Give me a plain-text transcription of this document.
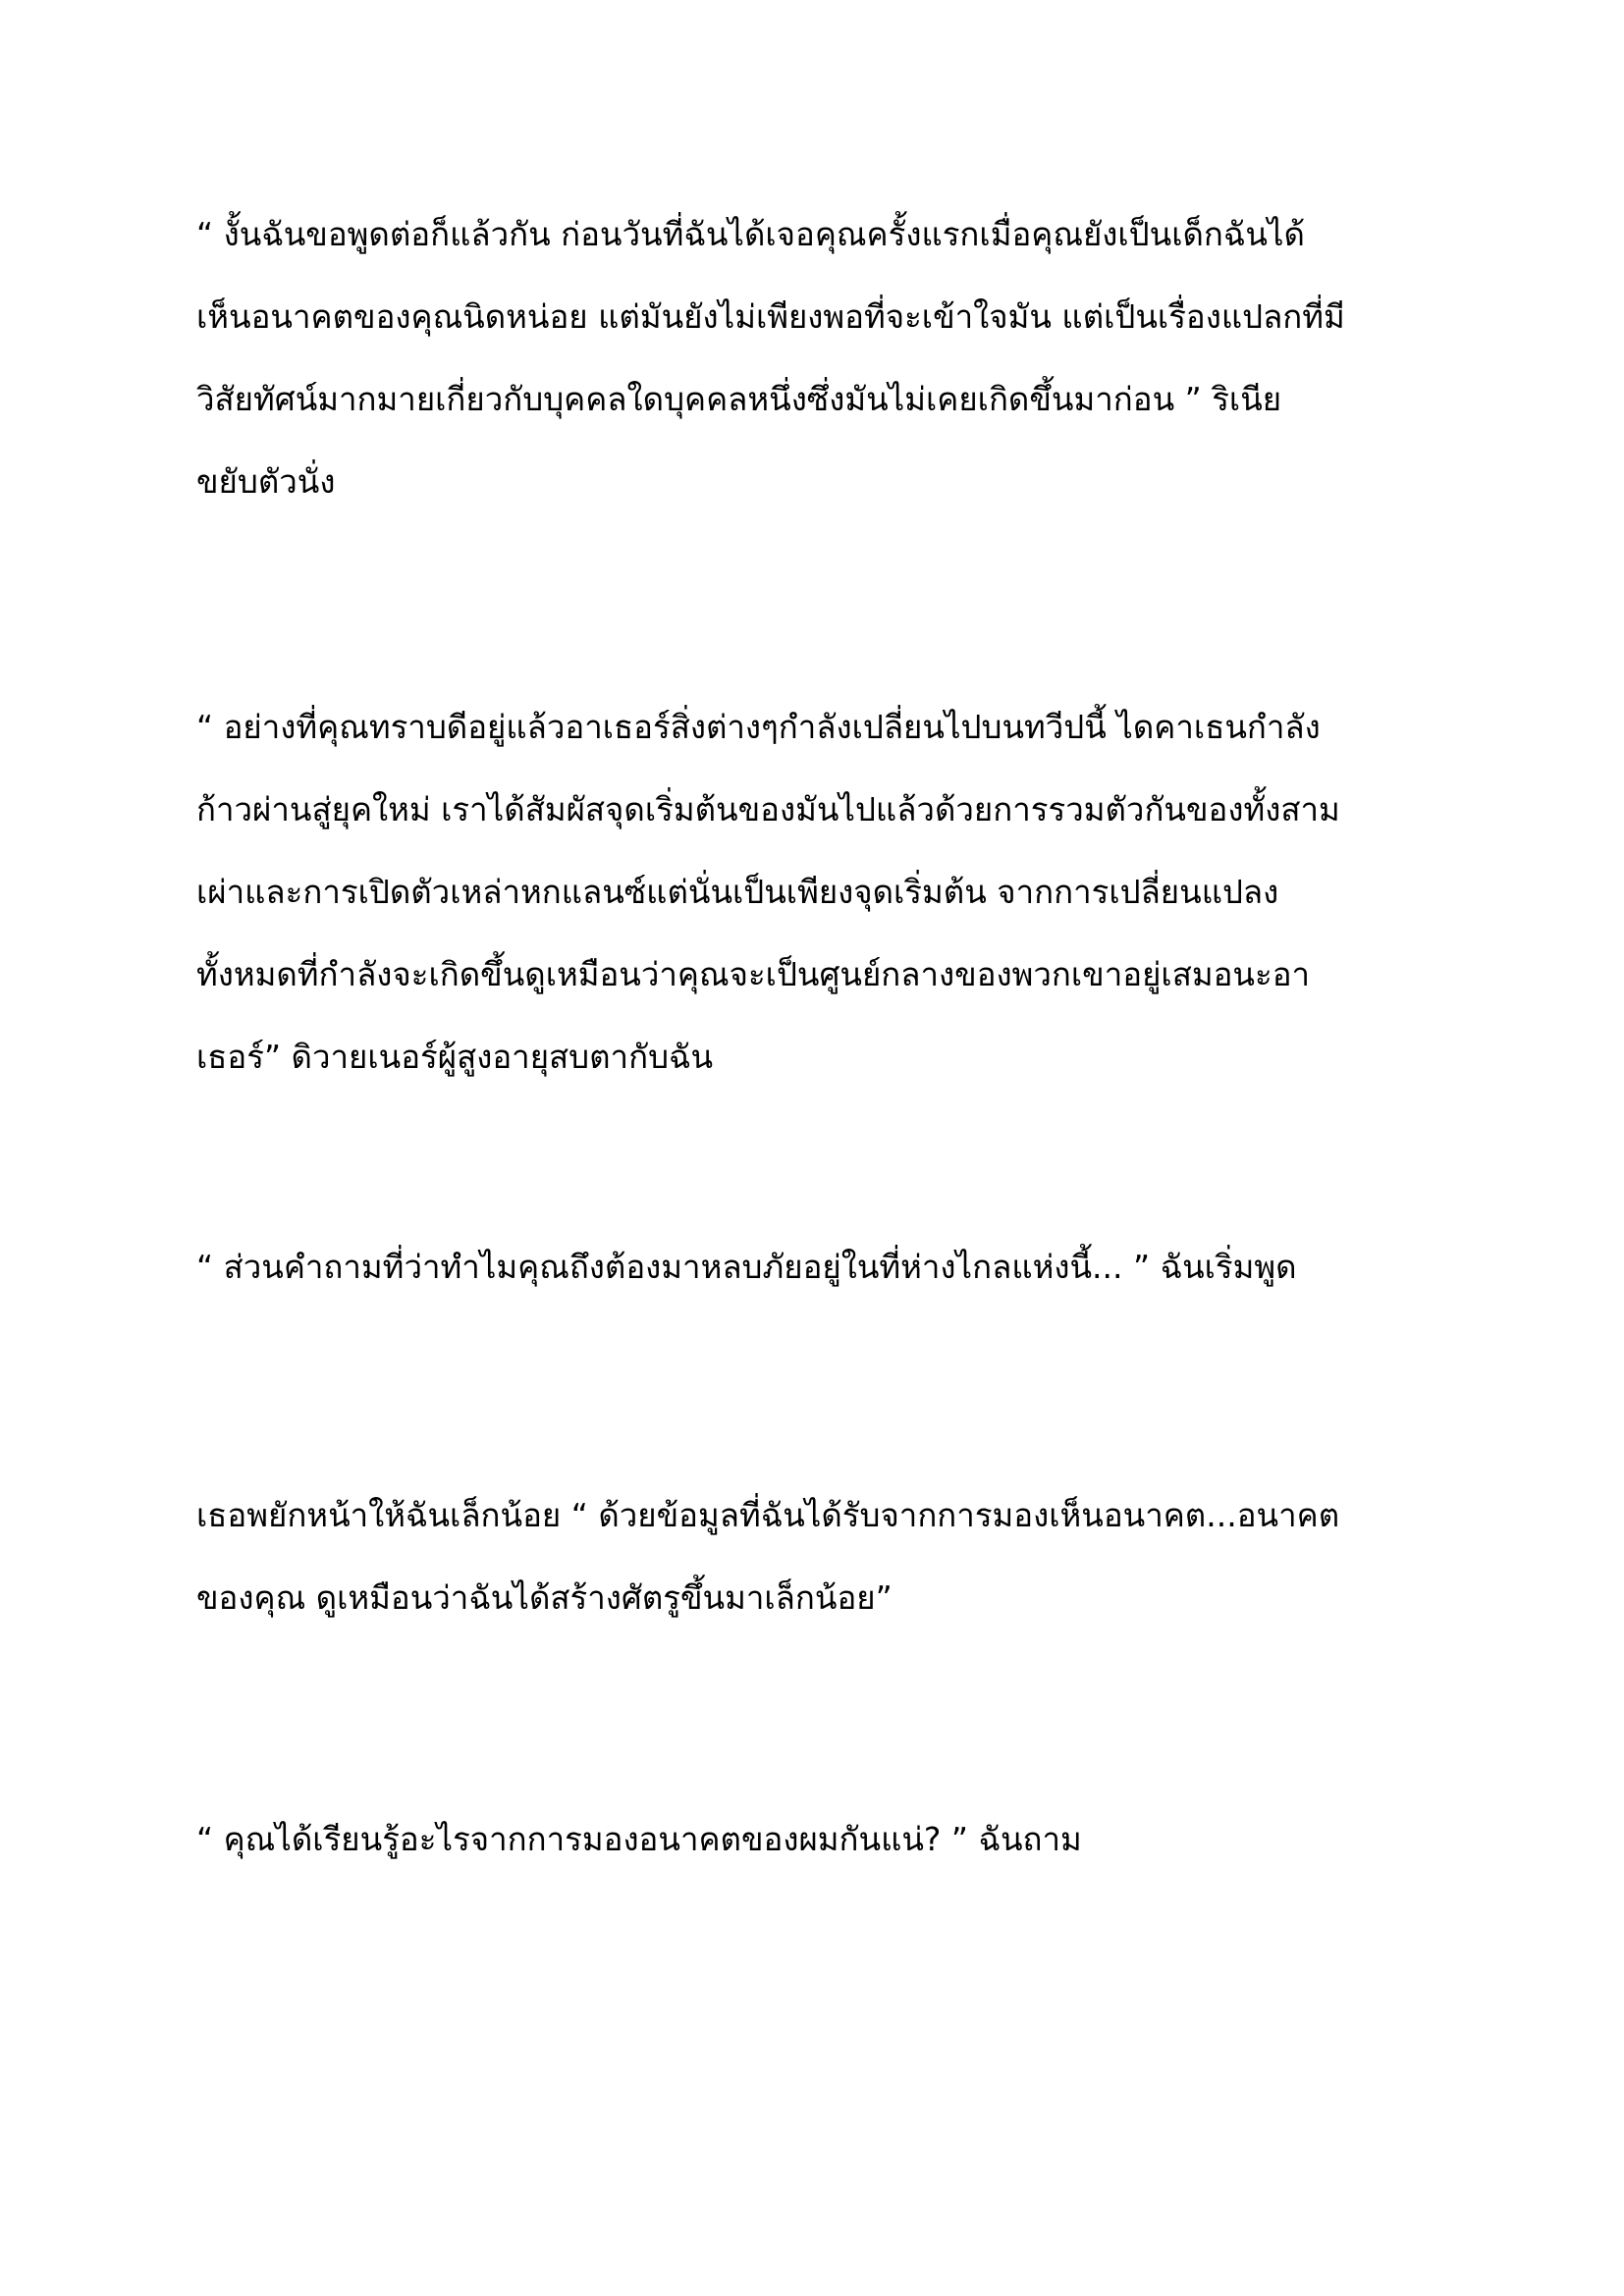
“ งั้นฉันขอพูดต่อก็แล้วกัน ก่อนวันที่ฉันได้เจอคุณครั้งแรกเมื่อคุณยังเป็นเด็กฉันได้
เห็นอนาคตของคุณนิดหน่อย แต่มันยังไม่เพียงพอที่จะเข้าใจมัน แต่เป็นเรื่องแปลกที่มี
วิสัยทัศน์มากมายเกี่ยวกับบุคคลใดบุคคลหนึ่งซึ่งมันไม่เคยเกิดขึ้นมาก่อน ” ริเนีย
ขยับตัวนั่ง

“ อย่างที่คุณทราบดีอยู่แล้วอาเธอร์สิ่งต่างๆกำลังเปลี่ยนไปบนทวีปนี้ ไดคาเธนกำลัง
ก้าวผ่านสู่ยุคใหม่ เราได้สัมผัสจุดเริ่มต้นของมันไปแล้วด้วยการรวมตัวกันของทั้งสาม
เผ่าและการเปิดตัวเหล่าหกแลนซ์แต่นั่นเป็นเพียงจุดเริ่มต้น จากการเปลี่ยนแปลง
ทั้งหมดที่กำลังจะเกิดขึ้นดูเหมือนว่าคุณจะเป็นศูนย์กลางของพวกเขาอยู่เสมอนะอา
เธอร์” ดิวายเนอร์ผู้สูงอายุสบตากับฉัน

“ ส่วนคำถามที่ว่าทำไมคุณถึงต้องมาหลบภัยอยู่ในที่ห่างไกลแห่งนี้... ” ฉันเริ่มพูด

เธอพยักหน้าให้ฉันเล็กน้อย “ ด้วยข้อมูลที่ฉันได้รับจากการมองเห็นอนาคต...อนาคต
ของคุณ ดูเหมือนว่าฉันได้สร้างศัตรูขึ้นมาเล็กน้อย”

“ คุณได้เรียนรู้อะไรจากการมองอนาคตของผมกันแน่? ” ฉันถาม
